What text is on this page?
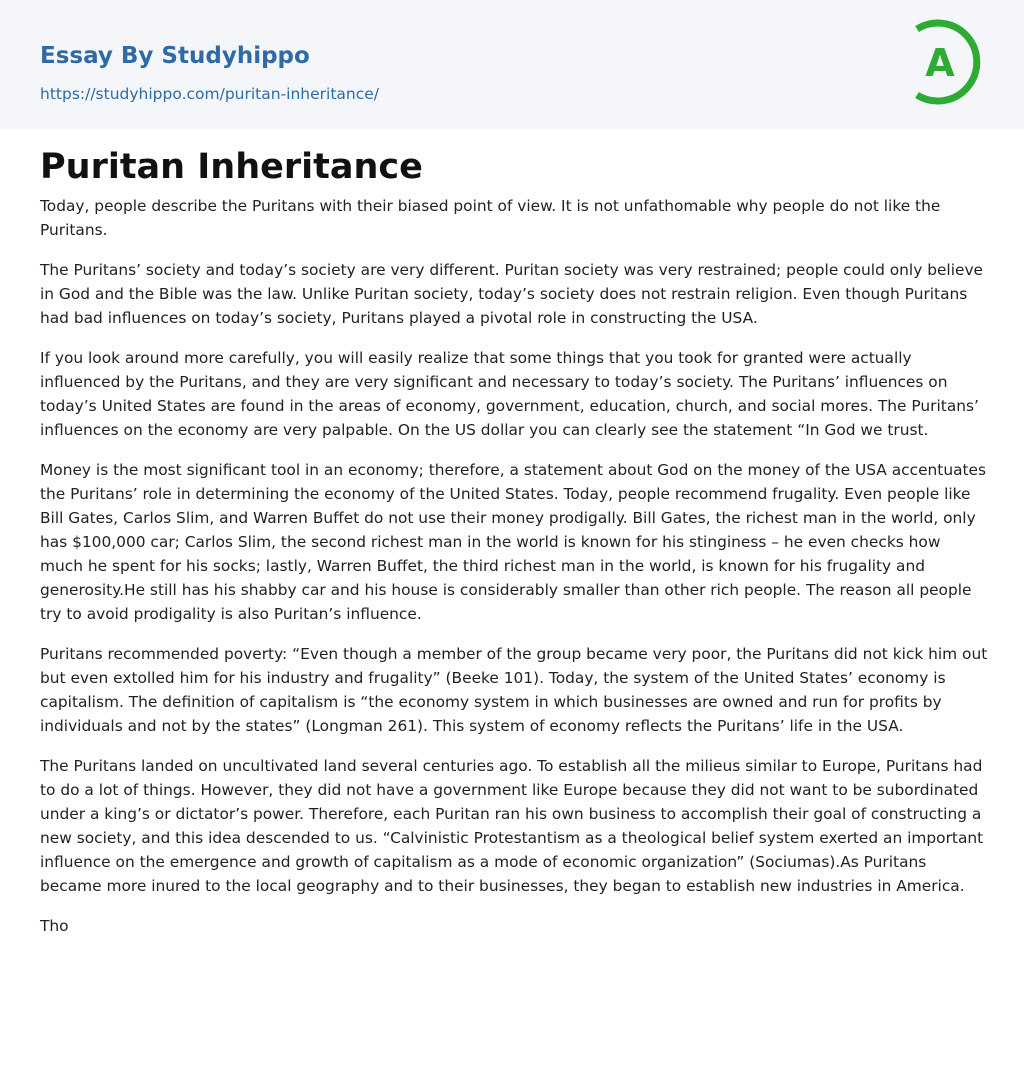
Essay By Studyhippo
https://studyhippo.com/puritan-inheritance/
A
Puritan Inheritance

Today, people describe the Puritans with their biased point of view. It is not unfathomable why people do not like the Puritans.

The Puritans’ society and today’s society are very different. Puritan society was very restrained; people could only believe in God and the Bible was the law. Unlike Puritan society, today’s society does not restrain religion. Even though Puritans had bad influences on today’s society, Puritans played a pivotal role in constructing the USA.

If you look around more carefully, you will easily realize that some things that you took for granted were actually influenced by the Puritans, and they are very significant and necessary to today’s society. The Puritans’ influences on today’s United States are found in the areas of economy, government, education, church, and social mores. The Puritans’ influences on the economy are very palpable. On the US dollar you can clearly see the statement “In God we trust.

Money is the most significant tool in an economy; therefore, a statement about God on the money of the USA accentuates the Puritans’ role in determining the economy of the United States. Today, people recommend frugality. Even people like Bill Gates, Carlos Slim, and Warren Buffet do not use their money prodigally. Bill Gates, the richest man in the world, only has $100,000 car; Carlos Slim, the second richest man in the world is known for his stinginess – he even checks how much he spent for his socks; lastly, Warren Buffet, the third richest man in the world, is known for his frugality and generosity.He still has his shabby car and his house is considerably smaller than other rich people. The reason all people try to avoid prodigality is also Puritan’s influence.

Puritans recommended poverty: “Even though a member of the group became very poor, the Puritans did not kick him out but even extolled him for his industry and frugality” (Beeke 101). Today, the system of the United States’ economy is capitalism. The definition of capitalism is “the economy system in which businesses are owned and run for profits by individuals and not by the states” (Longman 261). This system of economy reflects the Puritans’ life in the USA.

The Puritans landed on uncultivated land several centuries ago. To establish all the milieus similar to Europe, Puritans had to do a lot of things. However, they did not have a government like Europe because they did not want to be subordinated under a king’s or dictator’s power. Therefore, each Puritan ran his own business to accomplish their goal of constructing a new society, and this idea descended to us. “Calvinistic Protestantism as a theological belief system exerted an important influence on the emergence and growth of capitalism as a mode of economic organization” (Sociumas).As Puritans became more inured to the local geography and to their businesses, they began to establish new industries in America.

Tho
